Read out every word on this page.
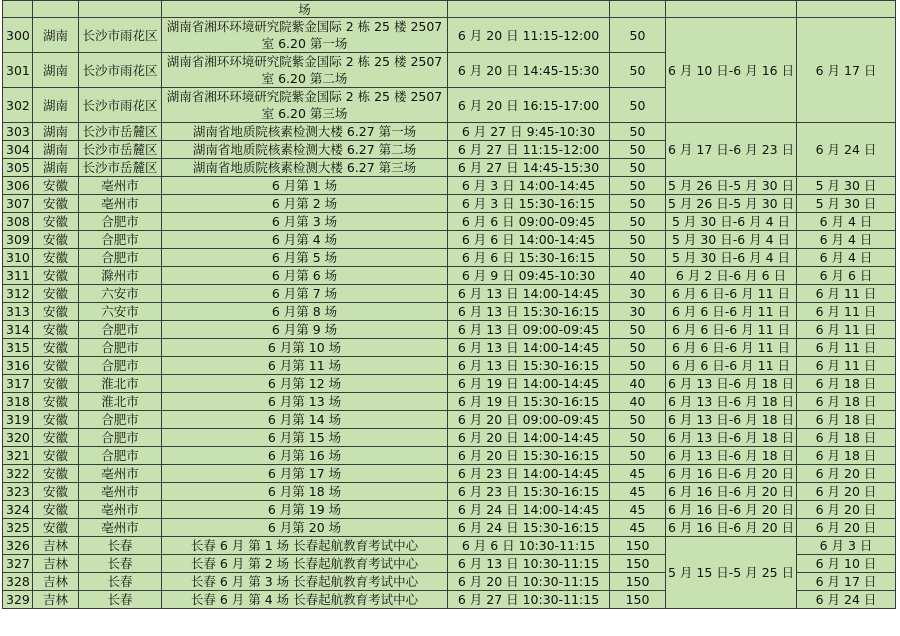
			场				
300	湖南	长沙市雨花区	湖南省湘环环境研究院紫金国际 2 栋 25 楼 2507 室 6.20 第一场	6 月 20 日 11:15-12:00	50	6 月 10 日-6 月 16 日	6 月 17 日
301	湖南	长沙市雨花区	湖南省湘环环境研究院紫金国际 2 栋 25 楼 2507 室 6.20 第二场	6 月 20 日 14:45-15:30	50		
302	湖南	长沙市雨花区	湖南省湘环环境研究院紫金国际 2 栋 25 楼 2507 室 6.20 第三场	6 月 20 日 16:15-17:00	50		
303	湖南	长沙市岳麓区	湖南省地质院核素检测大楼 6.27 第一场	6 月 27 日 9:45-10:30	50	6 月 17 日-6 月 23 日	6 月 24 日
304	湖南	长沙市岳麓区	湖南省地质院核素检测大楼 6.27 第二场	6 月 27 日 11:15-12:00	50		
305	湖南	长沙市岳麓区	湖南省地质院核素检测大楼 6.27 第三场	6 月 27 日 14:45-15:30	50		
306	安徽	亳州市	6 月第 1 场	6 月 3 日 14:00-14:45	50	5 月 26 日-5 月 30 日	5 月 30 日
307	安徽	亳州市	6 月第 2 场	6 月 3 日 15:30-16:15	50	5 月 26 日-5 月 30 日	5 月 30 日
308	安徽	合肥市	6 月第 3 场	6 月 6 日 09:00-09:45	50	5 月 30 日-6 月 4 日	6 月 4 日
309	安徽	合肥市	6 月第 4 场	6 月 6 日 14:00-14:45	50	5 月 30 日-6 月 4 日	6 月 4 日
310	安徽	合肥市	6 月第 5 场	6 月 6 日 15:30-16:15	50	5 月 30 日-6 月 4 日	6 月 4 日
311	安徽	滁州市	6 月第 6 场	6 月 9 日 09:45-10:30	40	6 月 2 日-6 月 6 日	6 月 6 日
312	安徽	六安市	6 月第 7 场	6 月 13 日 14:00-14:45	30	6 月 6 日-6 月 11 日	6 月 11 日
313	安徽	六安市	6 月第 8 场	6 月 13 日 15:30-16:15	30	6 月 6 日-6 月 11 日	6 月 11 日
314	安徽	合肥市	6 月第 9 场	6 月 13 日 09:00-09:45	50	6 月 6 日-6 月 11 日	6 月 11 日
315	安徽	合肥市	6 月第 10 场	6 月 13 日 14:00-14:45	50	6 月 6 日-6 月 11 日	6 月 11 日
316	安徽	合肥市	6 月第 11 场	6 月 13 日 15:30-16:15	50	6 月 6 日-6 月 11 日	6 月 11 日
317	安徽	淮北市	6 月第 12 场	6 月 19 日 14:00-14:45	40	6 月 13 日-6 月 18 日	6 月 18 日
318	安徽	淮北市	6 月第 13 场	6 月 19 日 15:30-16:15	40	6 月 13 日-6 月 18 日	6 月 18 日
319	安徽	合肥市	6 月第 14 场	6 月 20 日 09:00-09:45	50	6 月 13 日-6 月 18 日	6 月 18 日
320	安徽	合肥市	6 月第 15 场	6 月 20 日 14:00-14:45	50	6 月 13 日-6 月 18 日	6 月 18 日
321	安徽	合肥市	6 月第 16 场	6 月 20 日 15:30-16:15	50	6 月 13 日-6 月 18 日	6 月 18 日
322	安徽	亳州市	6 月第 17 场	6 月 23 日 14:00-14:45	45	6 月 16 日-6 月 20 日	6 月 20 日
323	安徽	亳州市	6 月第 18 场	6 月 23 日 15:30-16:15	45	6 月 16 日-6 月 20 日	6 月 20 日
324	安徽	亳州市	6 月第 19 场	6 月 24 日 14:00-14:45	45	6 月 16 日-6 月 20 日	6 月 20 日
325	安徽	亳州市	6 月第 20 场	6 月 24 日 15:30-16:15	45	6 月 16 日-6 月 20 日	6 月 20 日
326	吉林	长春	长春 6 月 第 1 场 长春起航教育考试中心	6 月 6 日 10:30-11:15	150	5 月 15 日-5 月 25 日	6 月 3 日
327	吉林	长春	长春 6 月 第 2 场 长春起航教育考试中心	6 月 13 日 10:30-11:15	150		6 月 10 日
328	吉林	长春	长春 6 月 第 3 场 长春起航教育考试中心	6 月 20 日 10:30-11:15	150		6 月 17 日
329	吉林	长春	长春 6 月 第 4 场 长春起航教育考试中心	6 月 27 日 10:30-11:15	150		6 月 24 日
